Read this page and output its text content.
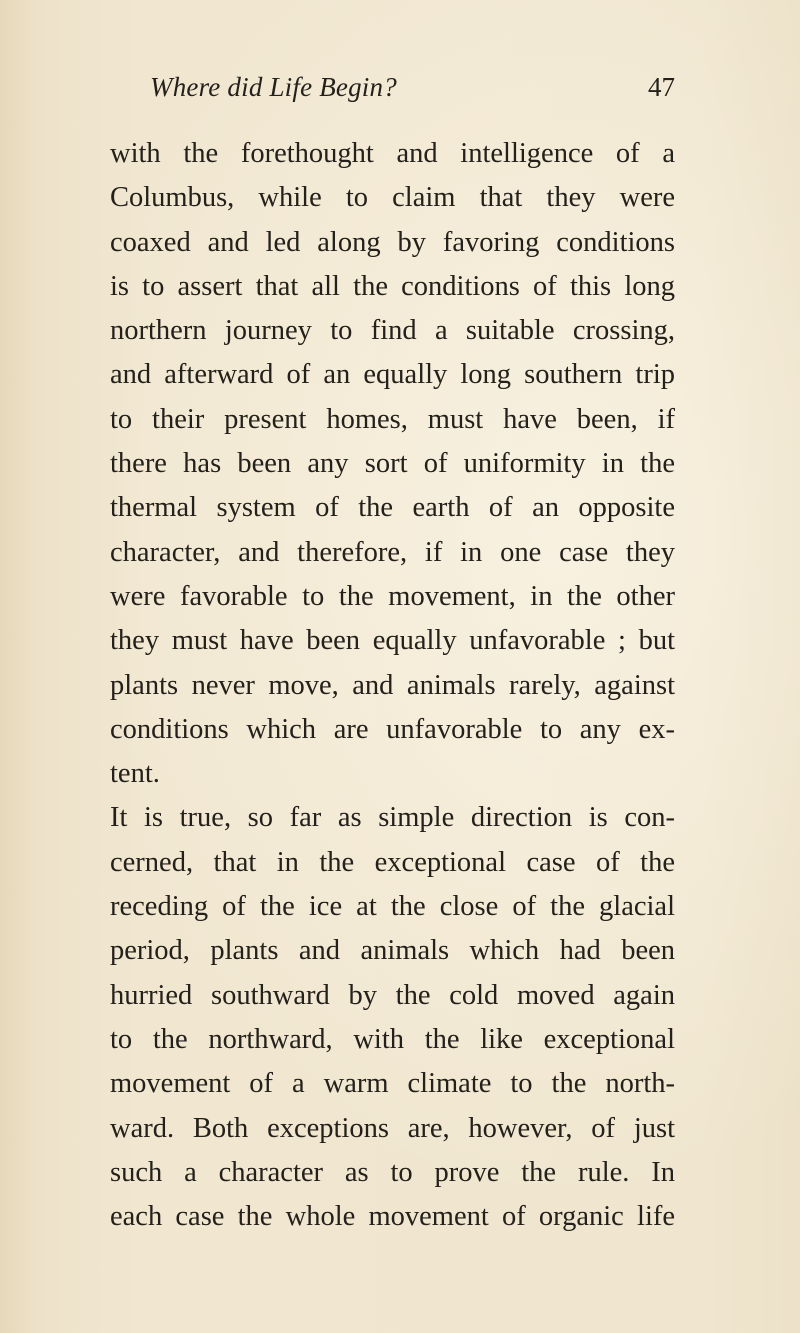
Where did Life Begin?	47
with the forethought and intelligence of a
Columbus, while to claim that they were
coaxed and led along by favoring conditions
is to assert that all the conditions of this long
northern journey to find a suitable crossing,
and afterward of an equally long southern trip
to their present homes, must have been, if
there has been any sort of uniformity in the
thermal system of the earth of an opposite
character, and therefore, if in one case they
were favorable to the movement, in the other
they must have been equally unfavorable ; but
plants never move, and animals rarely, against
conditions which are unfavorable to any ex-
tent.
It is true, so far as simple direction is con-
cerned, that in the exceptional case of the
receding of the ice at the close of the glacial
period, plants and animals which had been
hurried southward by the cold moved again
to the northward, with the like exceptional
movement of a warm climate to the north-
ward. Both exceptions are, however, of just
such a character as to prove the rule. In
each case the whole movement of organic life
